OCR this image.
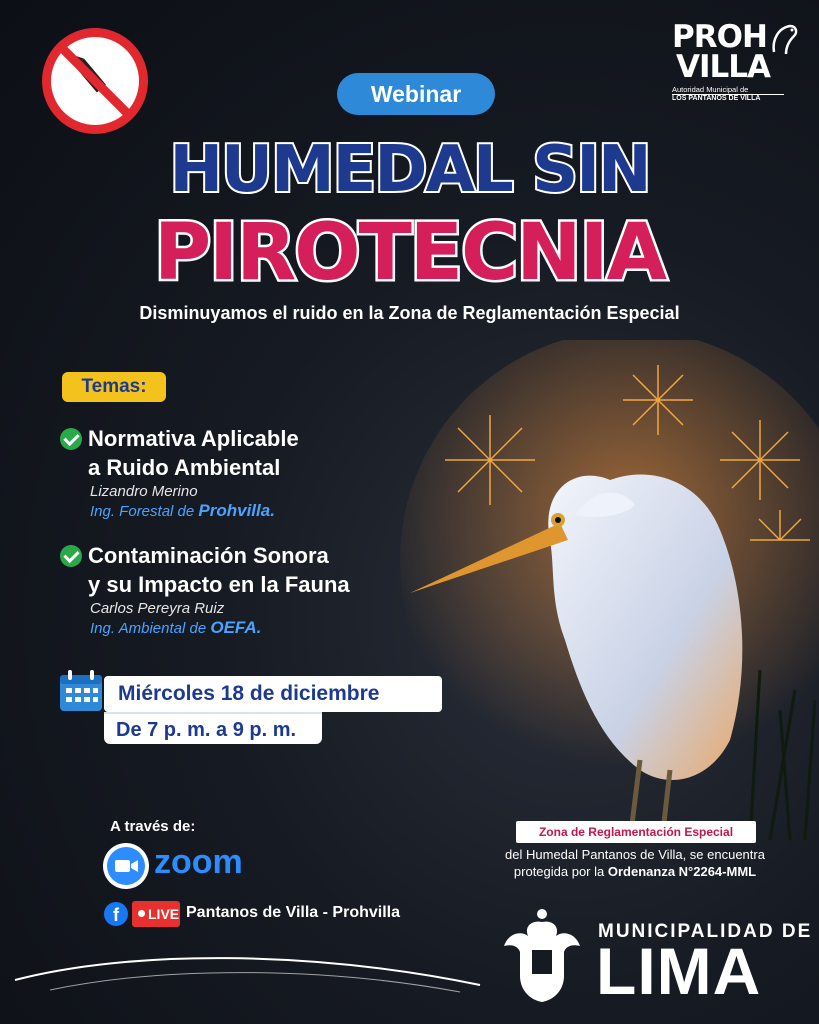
PROH
VILLA
Autoridad Municipal de
LOS PANTANOS DE VILLA
Webinar
HUMEDAL SIN
PIROTECNIA
Disminuyamos el ruido en la Zona de Reglamentación Especial
Temas:
Normativa Aplicable
a Ruido Ambiental
Lizandro Merino
Ing. Forestal de Prohvilla.
Contaminación Sonora
y su Impacto en la Fauna
Carlos Pereyra Ruiz
Ing. Ambiental de OEFA.
Miércoles 18 de diciembre
De 7 p. m. a 9 p. m.
A través de:
zoom
f	LIVE Pantanos de Villa - Prohvilla
Zona de Reglamentación Especial
del Humedal Pantanos de Villa, se encuentra
protegida por la Ordenanza N°2264-MML
MUNICIPALIDAD DE
LIMA
